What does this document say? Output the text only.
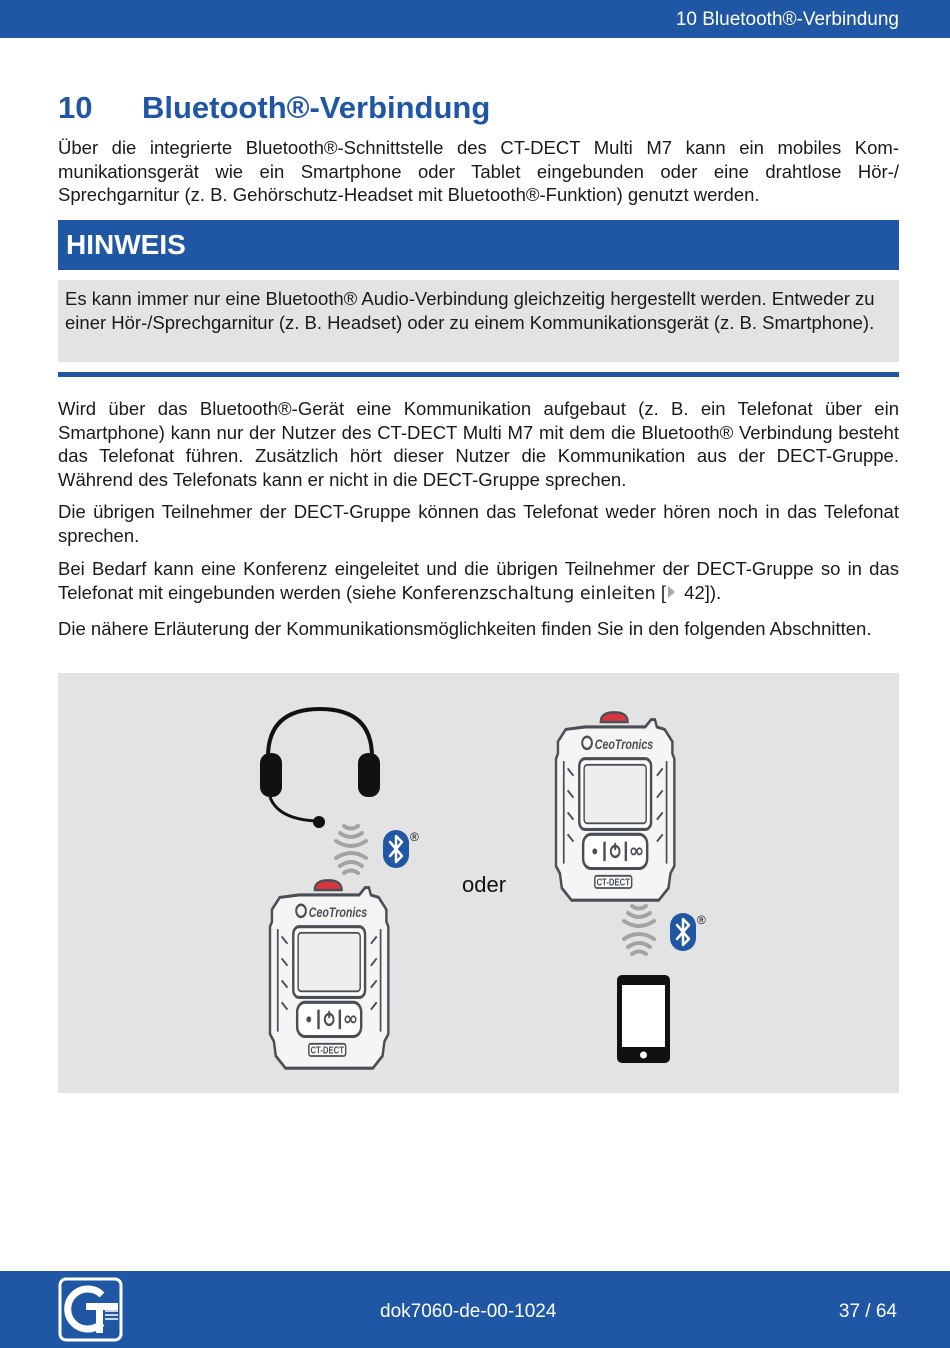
10 Bluetooth®-Verbindung
10 Bluetooth®-Verbindung

Über die integrierte Bluetooth®-Schnittstelle des CT-DECT Multi M7 kann ein mobiles Kommunikationsgerät wie ein Smartphone oder Tablet eingebunden oder eine drahtlose Hör-/ Sprechgarnitur (z. B. Gehörschutz-Headset mit Bluetooth®-Funktion) genutzt werden.

HINWEIS
Es kann immer nur eine Bluetooth® Audio-Verbindung gleichzeitig hergestellt werden. Entweder zu einer Hör-/Sprechgarnitur (z. B. Headset) oder zu einem Kommunikationsgerät (z. B. Smartphone).

Wird über das Bluetooth®-Gerät eine Kommunikation aufgebaut (z. B. ein Telefonat über ein Smartphone) kann nur der Nutzer des CT-DECT Multi M7 mit dem die Bluetooth® Verbindung besteht das Telefonat führen. Zusätzlich hört dieser Nutzer die Kommunikation aus der DECT-Gruppe. Während des Telefonats kann er nicht in die DECT-Gruppe sprechen.

Die übrigen Teilnehmer der DECT-Gruppe können das Telefonat weder hören noch in das Telefonat sprechen.

Bei Bedarf kann eine Konferenz eingeleitet und die übrigen Teilnehmer der DECT-Gruppe so in das Telefonat mit eingebunden werden (siehe Konferenzschaltung einleiten [ 42]).

Die nähere Erläuterung der Kommunikationsmöglichkeiten finden Sie in den folgenden Abschnitten.

CeoTronics
CT-DECT
®
®
oder
dok7060-de-00-1024	37 / 64
